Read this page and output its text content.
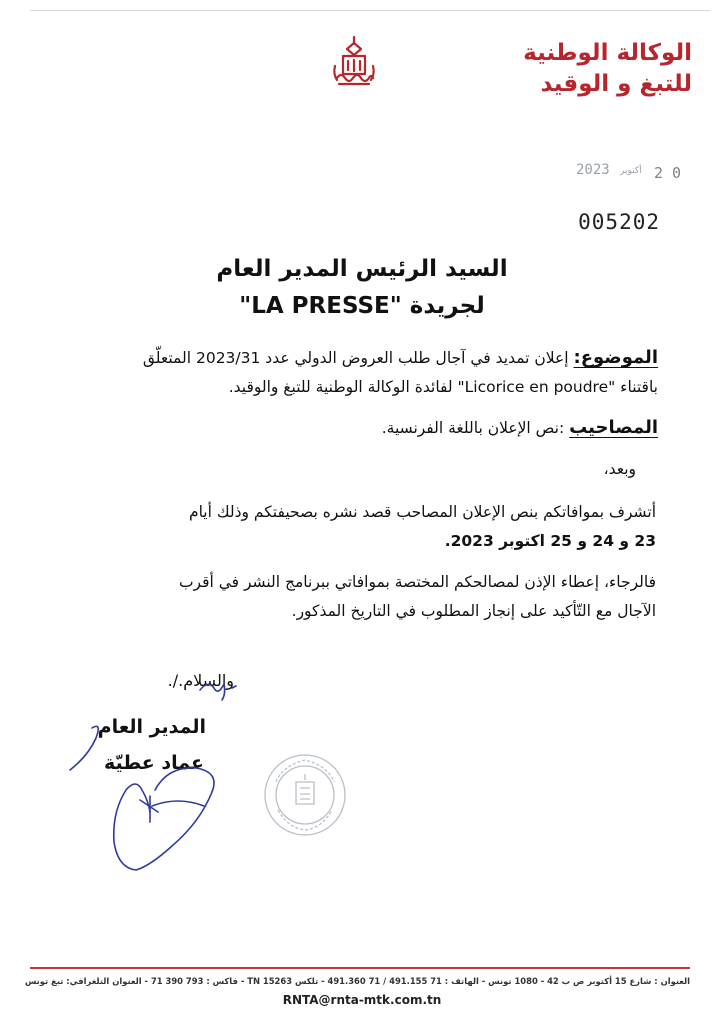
الوكالة الوطنية
للتبغ و الوقيد
2023 أكتوبر 2 0
005202
السيد الرئيس المدير العام
لجريدة "LA PRESSE"
الموضوع: إعلان تمديد في آجال طلب العروض الدولي عدد 2023/31 المتعلّق
باقتناء "Licorice en poudre" لفائدة الوكالة الوطنية للتبغ والوقيد.
المصاحيب :نص الإعلان باللغة الفرنسية.
وبعد،
أتشرف بموافاتكم بنص الإعلان المصاحب قصد نشره بصحيفتكم وذلك أيام
23 و 24 و 25 اكتوبر 2023.
فالرجاء، إعطاء الإذن لمصالحكم المختصة بموافاتي ببرنامج النشر في أقرب
الآجال مع التّأكيد على إنجاز المطلوب في التاريخ المذكور.
والسلام./.
المدير العام
عماد عطيّة
العنوان : شارع 15 أكتوبر ص ب 42 - 1080 تونس - الهاتف : 71 491.155 / 71 491.360 - تلكس 15263 TN - فاكس : 793 390 71 - العنوان التلغرافي: تبغ تونس
RNTA@rnta-mtk.com.tn
